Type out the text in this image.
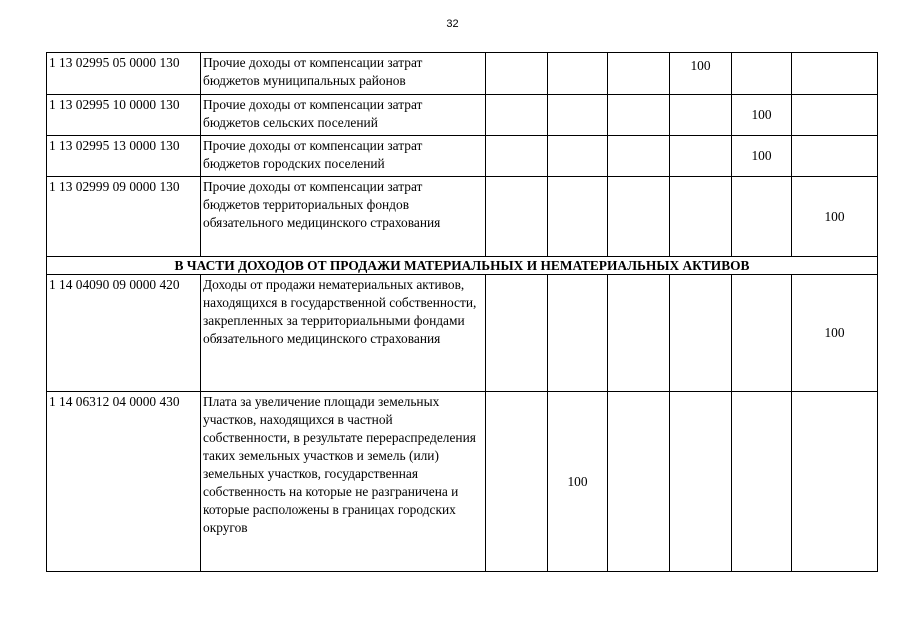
32
1 13 02995 05 0000 130	Прочие доходы от компенсации затрат бюджетов муниципальных районов				100		
1 13 02995 10 0000 130	Прочие доходы от компенсации затрат бюджетов сельских поселений					100	
1 13 02995 13 0000 130	Прочие доходы от компенсации затрат бюджетов городских поселений					100	
1 13 02999 09 0000 130	Прочие доходы от компенсации затрат бюджетов территориальных фондов обязательного медицинского страхования						100
В ЧАСТИ ДОХОДОВ ОТ ПРОДАЖИ МАТЕРИАЛЬНЫХ И НЕМАТЕРИАЛЬНЫХ АКТИВОВ							
1 14 04090 09 0000 420	Доходы от продажи нематериальных активов, находящихся в государственной собственности, закрепленных за территориальными фондами обязательного медицинского страхования						100
1 14 06312 04 0000 430	Плата за увеличение площади земельных участков, находящихся в частной собственности, в результате перераспределения таких земельных участков и земель (или) земельных участков, государственная собственность на которые не разграничена и которые расположены в границах городских округов		100				
